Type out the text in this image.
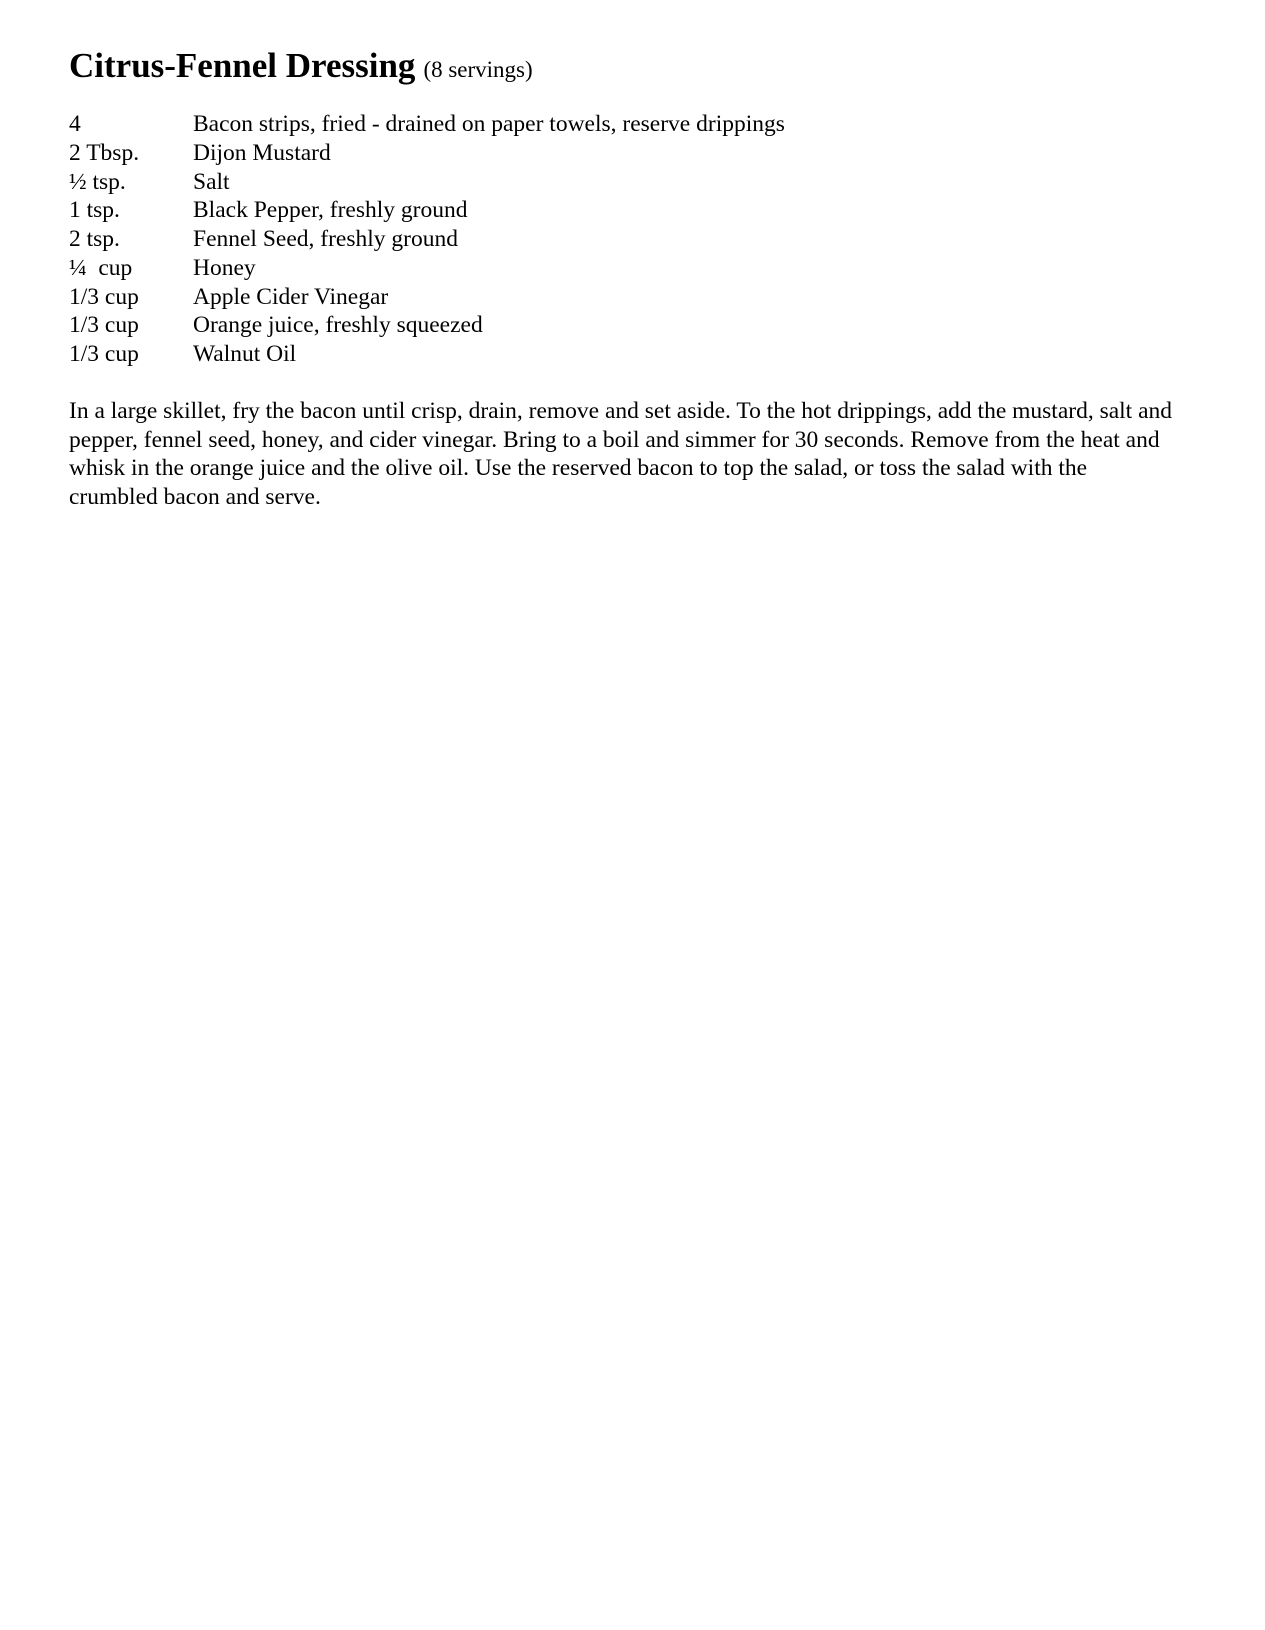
Citrus-Fennel Dressing (8 servings)
4	Bacon strips, fried - drained on paper towels, reserve drippings
2 Tbsp.	Dijon Mustard
½ tsp.	Salt
1 tsp.	Black Pepper, freshly ground
2 tsp.	Fennel Seed, freshly ground
¼  cup	Honey
1/3 cup	Apple Cider Vinegar
1/3 cup	Orange juice, freshly squeezed
1/3 cup	Walnut Oil

In a large skillet, fry the bacon until crisp, drain, remove and set aside. To the hot drippings, add the mustard, salt and pepper, fennel seed, honey, and cider vinegar. Bring to a boil and simmer for 30 seconds. Remove from the heat and whisk in the orange juice and the olive oil. Use the reserved bacon to top the salad, or toss the salad with the crumbled bacon and serve.
